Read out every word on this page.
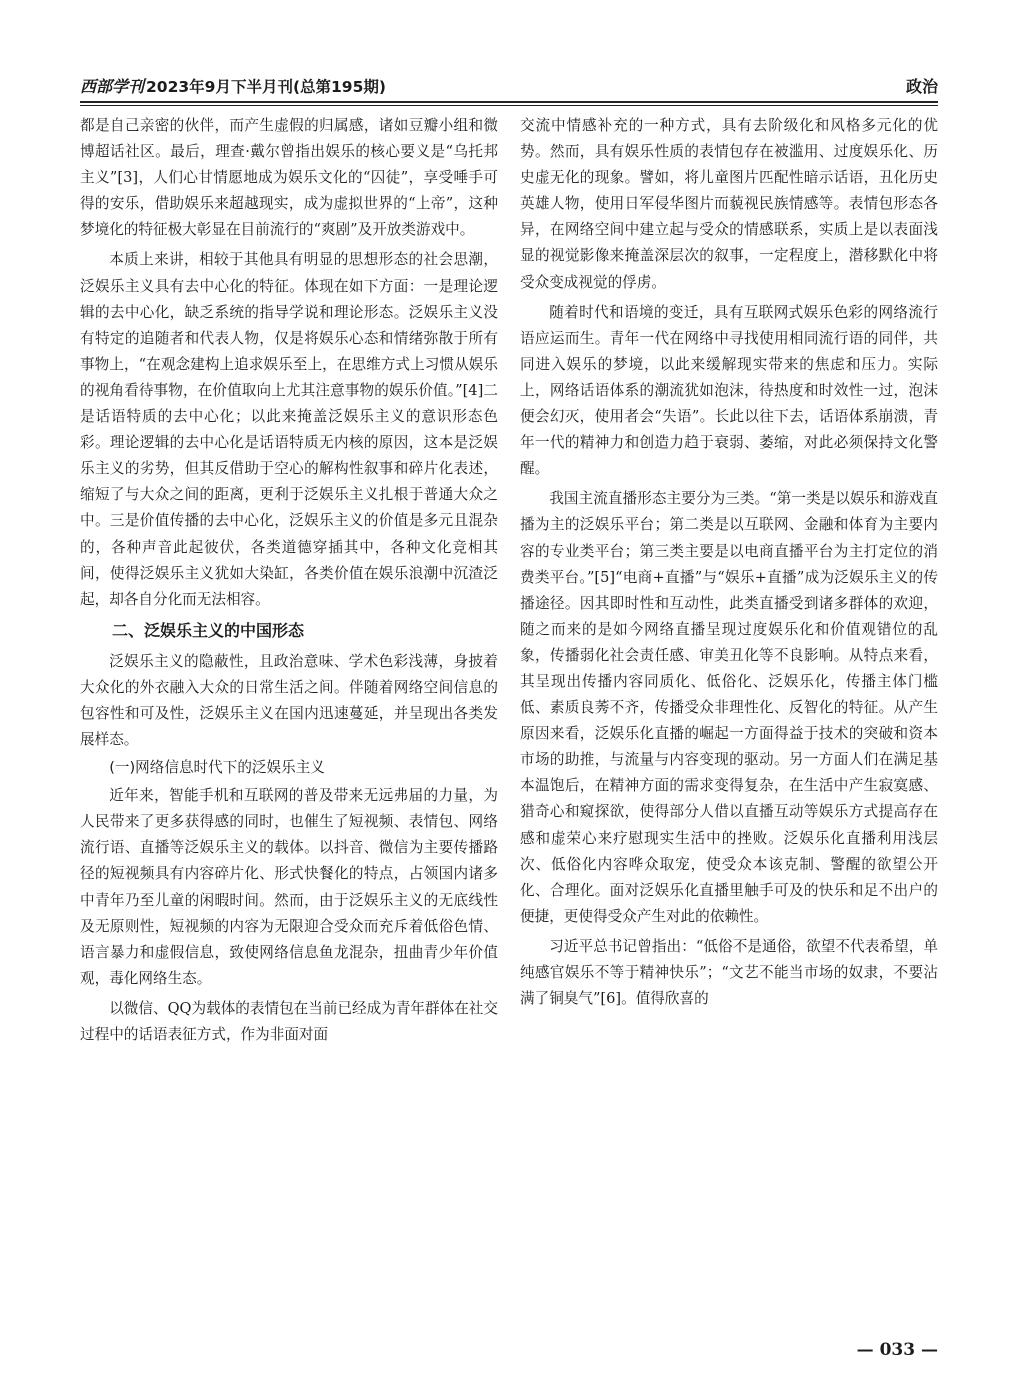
西部学刊 2023年9月下半月刊(总第195期)	政治

都是自己亲密的伙伴，而产生虚假的归属感，诸如豆瓣小组和微博超话社区。最后，理查·戴尔曾指出娱乐的核心要义是“乌托邦主义”[3]，人们心甘情愿地成为娱乐文化的“囚徒”，享受唾手可得的安乐，借助娱乐来超越现实，成为虚拟世界的“上帝”，这种梦境化的特征极大彰显在目前流行的“爽剧”及开放类游戏中。

本质上来讲，相较于其他具有明显的思想形态的社会思潮，泛娱乐主义具有去中心化的特征。体现在如下方面：一是理论逻辑的去中心化，缺乏系统的指导学说和理论形态。泛娱乐主义没有特定的追随者和代表人物，仅是将娱乐心态和情绪弥散于所有事物上，“在观念建构上追求娱乐至上，在思维方式上习惯从娱乐的视角看待事物，在价值取向上尤其注意事物的娱乐价值。”[4]二是话语特质的去中心化；以此来掩盖泛娱乐主义的意识形态色彩。理论逻辑的去中心化是话语特质无内核的原因，这本是泛娱乐主义的劣势，但其反借助于空心的解构性叙事和碎片化表述，缩短了与大众之间的距离，更利于泛娱乐主义扎根于普通大众之中。三是价值传播的去中心化，泛娱乐主义的价值是多元且混杂的，各种声音此起彼伏，各类道德穿插其中，各种文化竞相其间，使得泛娱乐主义犹如大染缸，各类价值在娱乐浪潮中沉渣泛起，却各自分化而无法相容。

二、泛娱乐主义的中国形态

泛娱乐主义的隐蔽性，且政治意味、学术色彩浅薄，身披着大众化的外衣融入大众的日常生活之间。伴随着网络空间信息的包容性和可及性，泛娱乐主义在国内迅速蔓延，并呈现出各类发展样态。

(一)网络信息时代下的泛娱乐主义

近年来，智能手机和互联网的普及带来无远弗届的力量，为人民带来了更多获得感的同时，也催生了短视频、表情包、网络流行语、直播等泛娱乐主义的载体。以抖音、微信为主要传播路径的短视频具有内容碎片化、形式快餐化的特点，占领国内诸多中青年乃至儿童的闲暇时间。然而，由于泛娱乐主义的无底线性及无原则性，短视频的内容为无限迎合受众而充斥着低俗色情、语言暴力和虚假信息，致使网络信息鱼龙混杂，扭曲青少年价值观，毒化网络生态。

以微信、QQ为载体的表情包在当前已经成为青年群体在社交过程中的话语表征方式，作为非面对面

交流中情感补充的一种方式，具有去阶级化和风格多元化的优势。然而，具有娱乐性质的表情包存在被滥用、过度娱乐化、历史虚无化的现象。譬如，将儿童图片匹配性暗示话语，丑化历史英雄人物，使用日军侵华图片而藐视民族情感等。表情包形态各异，在网络空间中建立起与受众的情感联系，实质上是以表面浅显的视觉影像来掩盖深层次的叙事，一定程度上，潜移默化中将受众变成视觉的俘虏。

随着时代和语境的变迁，具有互联网式娱乐色彩的网络流行语应运而生。青年一代在网络中寻找使用相同流行语的同伴，共同进入娱乐的梦境，以此来缓解现实带来的焦虑和压力。实际上，网络话语体系的潮流犹如泡沫，待热度和时效性一过，泡沫便会幻灭，使用者会“失语”。长此以往下去，话语体系崩溃，青年一代的精神力和创造力趋于衰弱、萎缩，对此必须保持文化警醒。

我国主流直播形态主要分为三类。“第一类是以娱乐和游戏直播为主的泛娱乐平台；第二类是以互联网、金融和体育为主要内容的专业类平台；第三类主要是以电商直播平台为主打定位的消费类平台。”[5]“电商+直播”与“娱乐+直播”成为泛娱乐主义的传播途径。因其即时性和互动性，此类直播受到诸多群体的欢迎，随之而来的是如今网络直播呈现过度娱乐化和价值观错位的乱象，传播弱化社会责任感、审美丑化等不良影响。从特点来看，其呈现出传播内容同质化、低俗化、泛娱乐化，传播主体门槛低、素质良莠不齐，传播受众非理性化、反智化的特征。从产生原因来看，泛娱乐化直播的崛起一方面得益于技术的突破和资本市场的助推，与流量与内容变现的驱动。另一方面人们在满足基本温饱后，在精神方面的需求变得复杂，在生活中产生寂寞感、猎奇心和窥探欲，使得部分人借以直播互动等娱乐方式提高存在感和虚荣心来疗慰现实生活中的挫败。泛娱乐化直播利用浅层次、低俗化内容哗众取宠，使受众本该克制、警醒的欲望公开化、合理化。面对泛娱乐化直播里触手可及的快乐和足不出户的便捷，更使得受众产生对此的依赖性。

习近平总书记曾指出：“低俗不是通俗，欲望不代表希望，单纯感官娱乐不等于精神快乐”；“文艺不能当市场的奴隶，不要沾满了铜臭气”[6]。值得欣喜的

— 033 —
